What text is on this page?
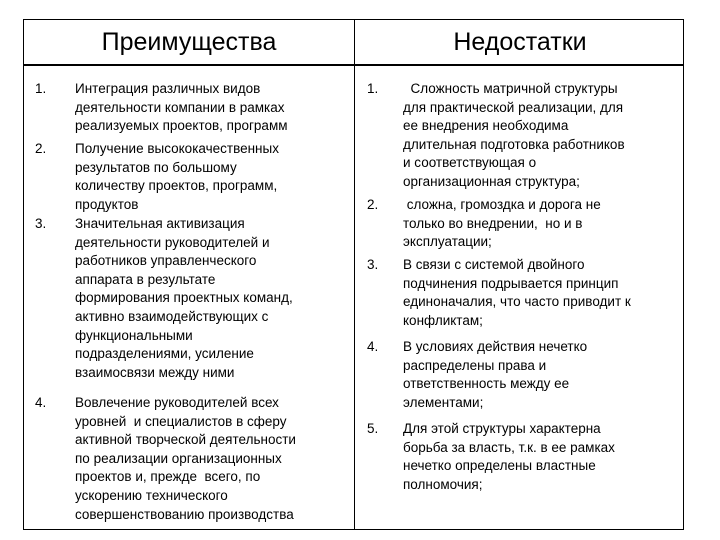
Преимущества	Недостатки
1. Интеграция различных видов
деятельности компании в рамках
реализуемых проектов, программ
2. Получение высококачественных
результатов по большому
количеству проектов, программ,
продуктов
3. Значительная активизация
деятельности руководителей и
работников управленческого
аппарата в результате
формирования проектных команд,
активно взаимодействующих с
функциональными
подразделениями, усиление
взаимосвязи между ними
4. Вовлечение руководителей всех
уровней  и специалистов в сферу
активной творческой деятельности
по реализации организационных
проектов и, прежде  всего, по
ускорению технического
совершенствованию производства
1. Сложность матричной структуры
для практической реализации, для
ее внедрения необходима
длительная подготовка работников
и соответствующая о
организационная структура;
2. сложна, громоздка и дорога не
только во внедрении,  но и в
эксплуатации;
3. В связи с системой двойного
подчинения подрывается принцип
единоначалия, что часто приводит к
конфликтам;
4. В условиях действия нечетко
распределены права и
ответственность между ее
элементами;
5. Для этой структуры характерна
борьба за власть, т.к. в ее рамках
нечетко определены властные
полномочия;
